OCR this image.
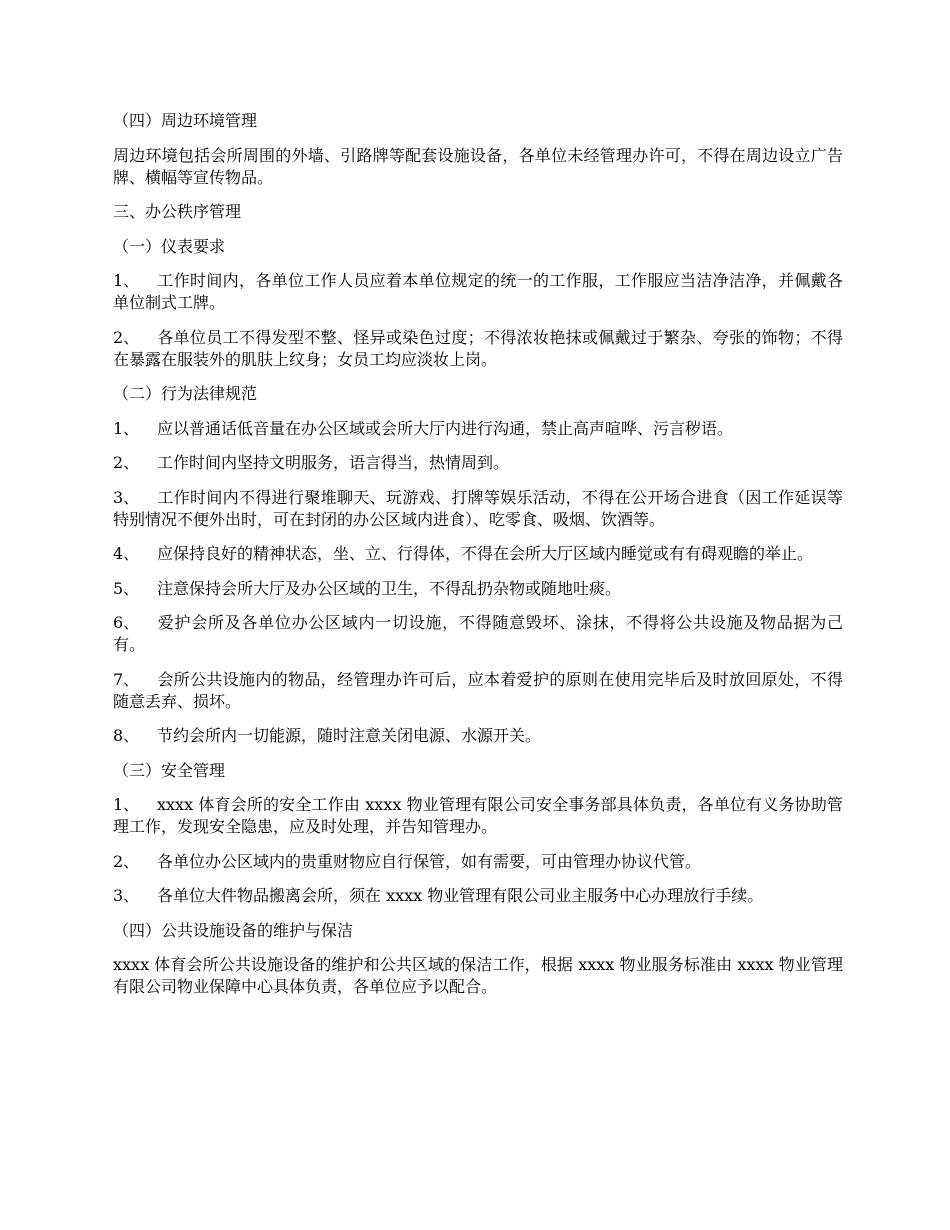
（四）周边环境管理

周边环境包括会所周围的外墙、引路牌等配套设施设备，各单位未经管理办许可，不得在周边设立广告牌、横幅等宣传物品。

三、办公秩序管理

（一）仪表要求

1、 工作时间内，各单位工作人员应着本单位规定的统一的工作服，工作服应当洁净洁净，并佩戴各单位制式工牌。

2、 各单位员工不得发型不整、怪异或染色过度；不得浓妆艳抹或佩戴过于繁杂、夸张的饰物；不得在暴露在服装外的肌肤上纹身；女员工均应淡妆上岗。

（二）行为法律规范

1、 应以普通话低音量在办公区域或会所大厅内进行沟通，禁止高声喧哗、污言秽语。

2、 工作时间内坚持文明服务，语言得当，热情周到。

3、 工作时间内不得进行聚堆聊天、玩游戏、打牌等娱乐活动，不得在公开场合进食（因工作延误等特别情况不便外出时，可在封闭的办公区域内进食）、吃零食、吸烟、饮酒等。

4、 应保持良好的精神状态，坐、立、行得体，不得在会所大厅区域内睡觉或有有碍观瞻的举止。

5、 注意保持会所大厅及办公区域的卫生，不得乱扔杂物或随地吐痰。

6、 爱护会所及各单位办公区域内一切设施，不得随意毁坏、涂抹，不得将公共设施及物品据为己有。

7、 会所公共设施内的物品，经管理办许可后，应本着爱护的原则在使用完毕后及时放回原处，不得随意丢弃、损坏。

8、 节约会所内一切能源，随时注意关闭电源、水源开关。

（三）安全管理

1、 xxxx 体育会所的安全工作由 xxxx 物业管理有限公司安全事务部具体负责，各单位有义务协助管理工作，发现安全隐患，应及时处理，并告知管理办。

2、 各单位办公区域内的贵重财物应自行保管，如有需要，可由管理办协议代管。

3、 各单位大件物品搬离会所，须在 xxxx 物业管理有限公司业主服务中心办理放行手续。

（四）公共设施设备的维护与保洁

xxxx 体育会所公共设施设备的维护和公共区域的保洁工作，根据 xxxx 物业服务标准由 xxxx 物业管理有限公司物业保障中心具体负责，各单位应予以配合。
